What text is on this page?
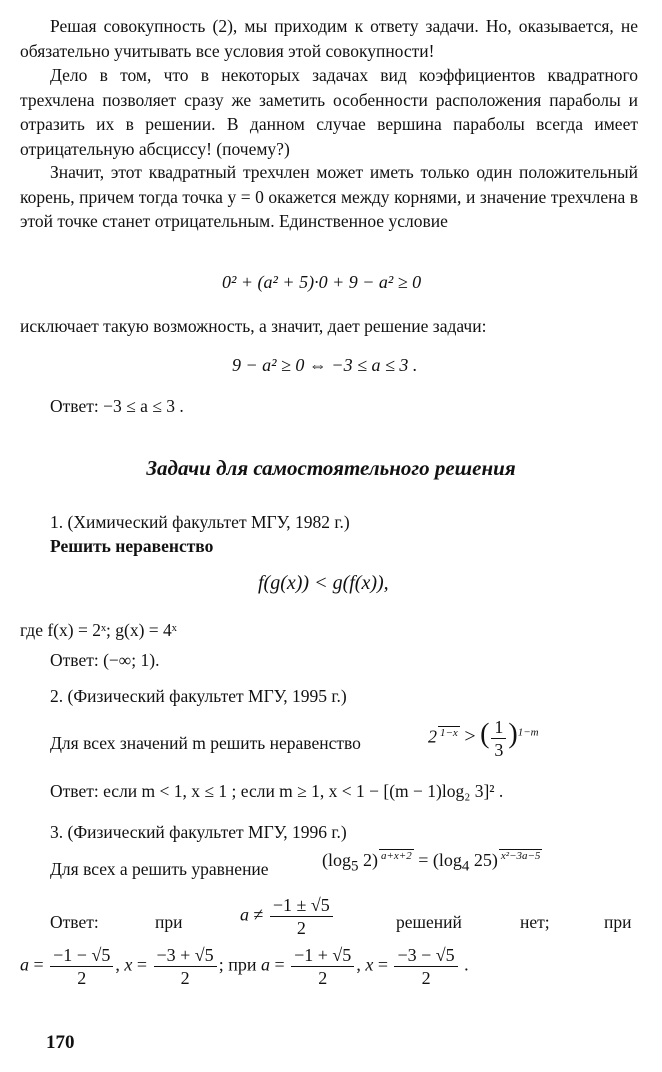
Решая совокупность (2), мы приходим к ответу задачи. Но, оказывается, не обязательно учитывать все условия этой совокупности!

Дело в том, что в некоторых задачах вид коэффициентов квадратного трехчлена позволяет сразу же заметить особенности расположения параболы и отразить их в решении. В данном случае вершина параболы всегда имеет отрицательную абсциссу! (почему?)

Значит, этот квадратный трехчлен может иметь только один положительный корень, причем тогда точка y = 0 окажется между корнями, и значение трехчлена в этой точке станет отрицательным. Единственное условие

0² + (a² + 5)·0 + 9 − a² ≥ 0

исключает такую возможность, а значит, дает решение задачи:

9 − a² ≥ 0 ⇔ −3 ≤ a ≤ 3 .
Ответ: −3 ≤ a ≤ 3 .
Задачи для самостоятельного решения
1. (Химический факультет МГУ, 1982 г.)
Решить неравенство
f(g(x)) < g(f(x)),
где f(x) = 2ˣ; g(x) = 4ˣ
Ответ: (−∞; 1).
2. (Физический факультет МГУ, 1995 г.)
Для всех значений m решить неравенство	2 $^{1-x}$ > ( $\frac{1}{3} )^{1-m}$
Ответ: если m < 1, x ≤ 1 ; если m ≥ 1, x < 1 − [(m − 1)log₂ 3]² .
3. (Физический факультет МГУ, 1996 г.)
Для всех a решить уравнение	($\log_5$ 2) $^{a+x+2} = (\log_4$ 25) $^{x^2-3a-5}$
Ответ:	при	$a \ne \frac{-1 \pm √5}{2}$	решений	нет;	при
$a = \frac{-1 - √5}{2}$ , $x = \frac{-3 + √5}{2}$ ; при $a = \frac{-1 + √5}{2}$ , $x = \frac{-3 - √5}{2}$ .
170
